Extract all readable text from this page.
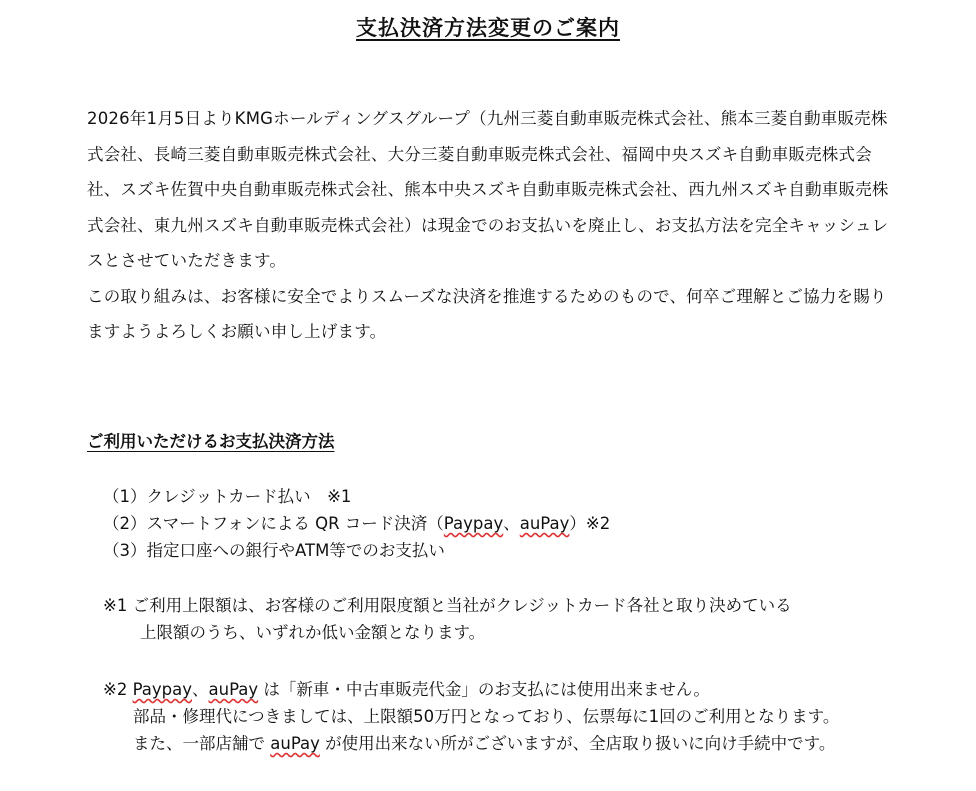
支払決済方法変更のご案内

2026年1月5日よりKMGホールディングスグループ（九州三菱自動車販売株式会社、熊本三菱自動車販売株式会社、長崎三菱自動車販売株式会社、大分三菱自動車販売株式会社、福岡中央スズキ自動車販売株式会社、スズキ佐賀中央自動車販売株式会社、熊本中央スズキ自動車販売株式会社、西九州スズキ自動車販売株式会社、東九州スズキ自動車販売株式会社）は現金でのお支払いを廃止し、お支払方法を完全キャッシュレスとさせていただきます。

この取り組みは、お客様に安全でよりスムーズな決済を推進するためのもので、何卒ご理解とご協力を賜りますようよろしくお願い申し上げます。

ご利用いただけるお支払決済方法
（1）クレジットカード払い　※1
（2）スマートフォンによる QR コード決済（Paypay、auPay）※2
（3）指定口座への銀行やATM等でのお支払い
※1 ご利用上限額は、お客様のご利用限度額と当社がクレジットカード各社と取り決めている
上限額のうち、いずれか低い金額となります。
※2 Paypay、auPay は「新車・中古車販売代金」のお支払には使用出来ません。
部品・修理代につきましては、上限額50万円となっており、伝票毎に1回のご利用となります。
また、一部店舗で auPay が使用出来ない所がございますが、全店取り扱いに向け手続中です。
